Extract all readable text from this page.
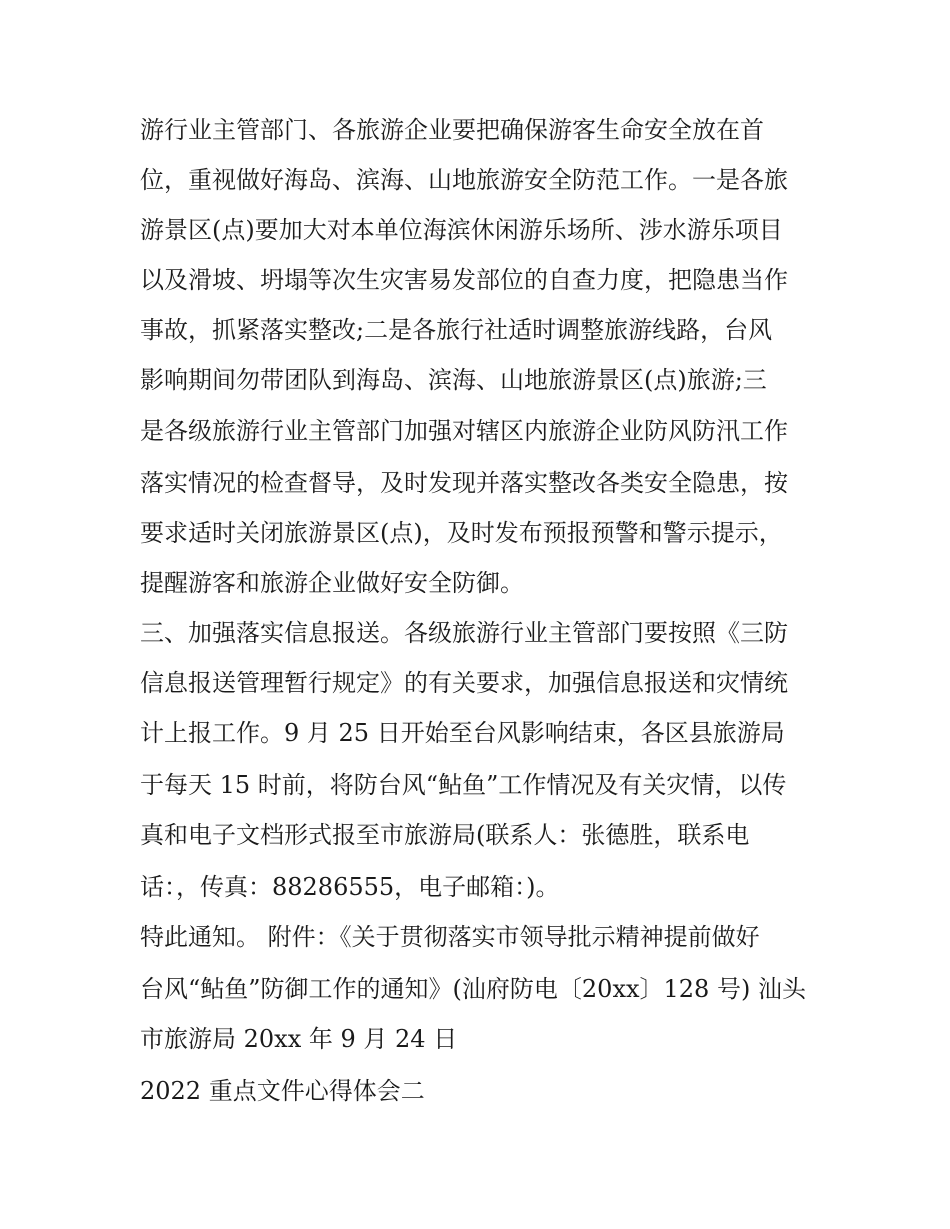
游行业主管部门、各旅游企业要把确保游客生命安全放在首
位，重视做好海岛、滨海、山地旅游安全防范工作。一是各旅
游景区(点)要加大对本单位海滨休闲游乐场所、涉水游乐项目
以及滑坡、坍塌等次生灾害易发部位的自查力度，把隐患当作
事故，抓紧落实整改;二是各旅行社适时调整旅游线路，台风
影响期间勿带团队到海岛、滨海、山地旅游景区(点)旅游;三
是各级旅游行业主管部门加强对辖区内旅游企业防风防汛工作
落实情况的检查督导，及时发现并落实整改各类安全隐患，按
要求适时关闭旅游景区(点)，及时发布预报预警和警示提示，
提醒游客和旅游企业做好安全防御。
三、加强落实信息报送。各级旅游行业主管部门要按照《三防
信息报送管理暂行规定》的有关要求，加强信息报送和灾情统
计上报工作。9 月 25 日开始至台风影响结束，各区县旅游局
于每天 15 时前，将防台风“鲇鱼”工作情况及有关灾情，以传
真和电子文档形式报至市旅游局(联系人：张德胜，联系电
话：，传真：88286555，电子邮箱：)。
特此通知。 附件：《关于贯彻落实市领导批示精神提前做好
台风“鲇鱼”防御工作的通知》(汕府防电〔20xx〕128 号) 汕头
市旅游局 20xx 年 9 月 24 日
2022 重点文件心得体会二
